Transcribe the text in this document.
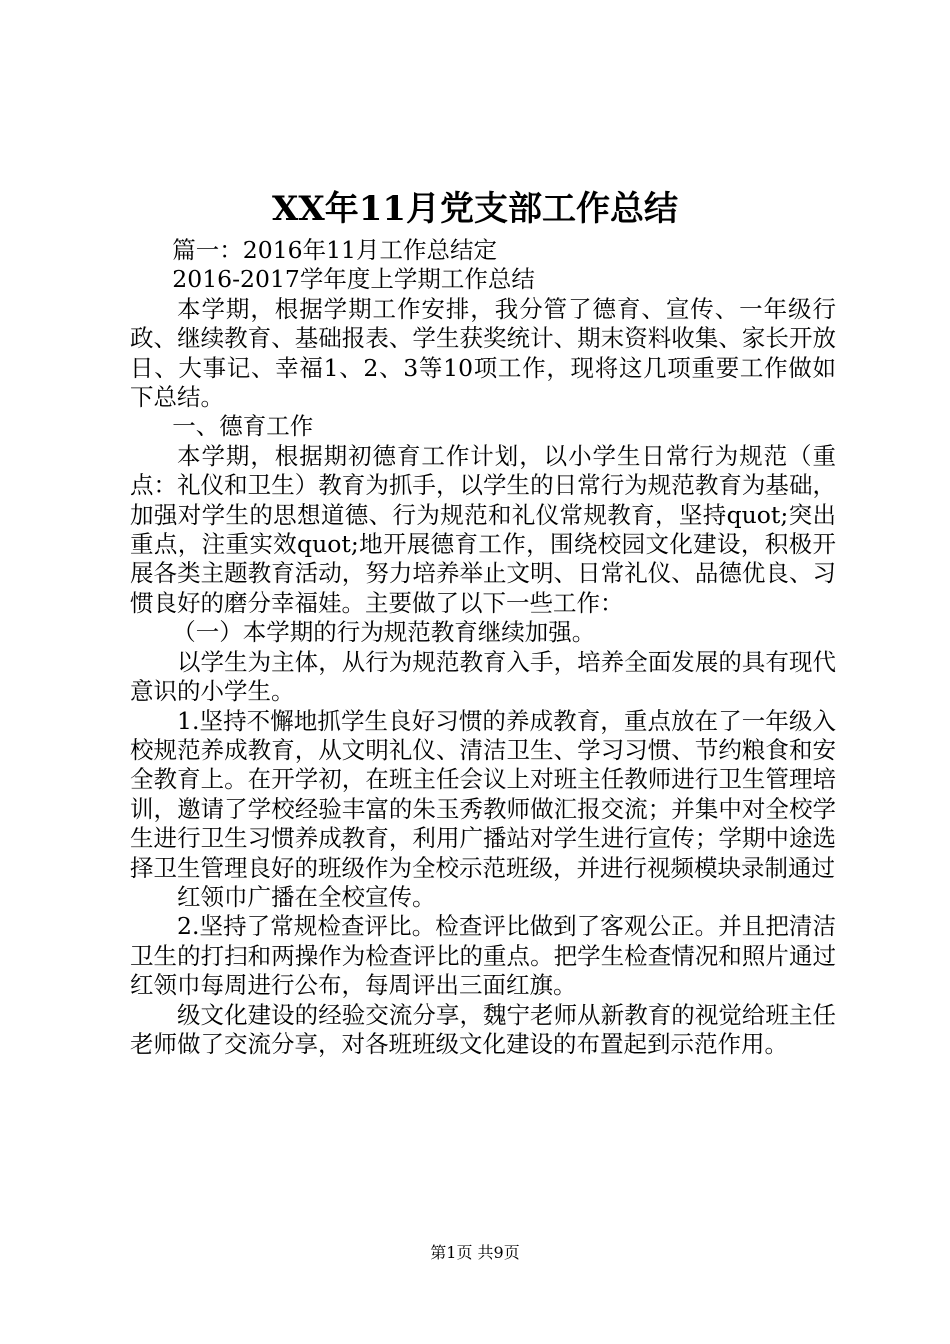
XX年11月党支部工作总结

篇一：2016年11月工作总结定

2016-2017学年度上学期工作总结

本学期，根据学期工作安排，我分管了德育、宣传、一年级行政、继续教育、基础报表、学生获奖统计、期末资料收集、家长开放日、大事记、幸福1、2、3等10项工作，现将这几项重要工作做如下总结。

一、德育工作

本学期，根据期初德育工作计划，以小学生日常行为规范（重点：礼仪和卫生）教育为抓手，以学生的日常行为规范教育为基础，加强对学生的思想道德、行为规范和礼仪常规教育，坚持quot;突出重点，注重实效quot;地开展德育工作，围绕校园文化建设，积极开展各类主题教育活动，努力培养举止文明、日常礼仪、品德优良、习惯良好的磨分幸福娃。主要做了以下一些工作：

（一）本学期的行为规范教育继续加强。

以学生为主体，从行为规范教育入手，培养全面发展的具有现代意识的小学生。

1.坚持不懈地抓学生良好习惯的养成教育，重点放在了一年级入校规范养成教育，从文明礼仪、清洁卫生、学习习惯、节约粮食和安全教育上。在开学初，在班主任会议上对班主任教师进行卫生管理培训，邀请了学校经验丰富的朱玉秀教师做汇报交流；并集中对全校学生进行卫生习惯养成教育，利用广播站对学生进行宣传；学期中途选择卫生管理良好的班级作为全校示范班级，并进行视频模块录制通过

红领巾广播在全校宣传。

2.坚持了常规检查评比。检查评比做到了客观公正。并且把清洁卫生的打扫和两操作为检查评比的重点。把学生检查情况和照片通过红领巾每周进行公布，每周评出三面红旗。

级文化建设的经验交流分享，魏宁老师从新教育的视觉给班主任老师做了交流分享，对各班班级文化建设的布置起到示范作用。

第1页 共9页
